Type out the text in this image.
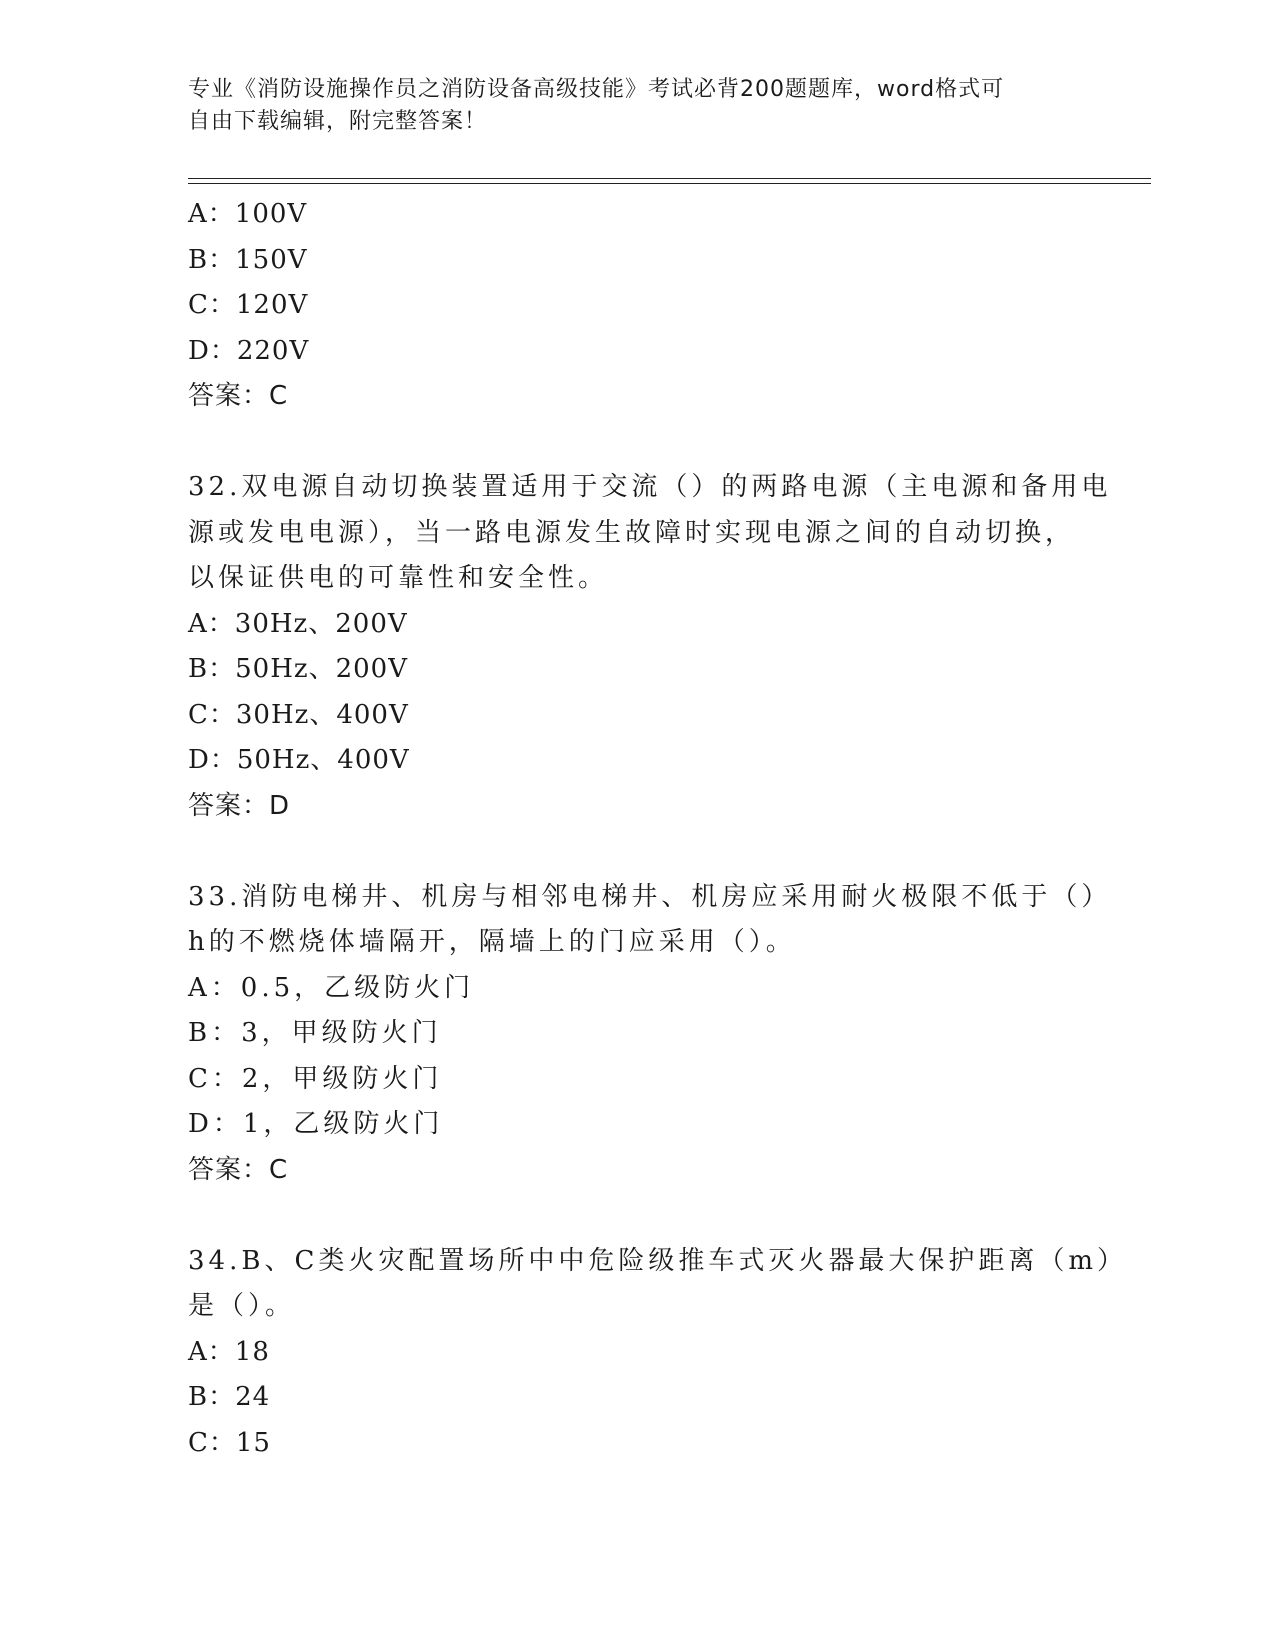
专业《消防设施操作员之消防设备高级技能》考试必背200题题库，word格式可
自由下载编辑，附完整答案！
A：100V
B：150V
C：120V
D：220V
答案：C
32.双电源自动切换装置适用于交流（）的两路电源（主电源和备用电
源或发电电源），当一路电源发生故障时实现电源之间的自动切换，
以保证供电的可靠性和安全性。
A：30Hz、200V
B：50Hz、200V
C：30Hz、400V
D：50Hz、400V
答案：D
33.消防电梯井、机房与相邻电梯井、机房应采用耐火极限不低于（）
h的不燃烧体墙隔开，隔墙上的门应采用（）。
A：0.5，乙级防火门
B：3，甲级防火门
C：2，甲级防火门
D：1，乙级防火门
答案：C
34.B、C类火灾配置场所中中危险级推车式灭火器最大保护距离（m）
是（）。
A：18
B：24
C：15
